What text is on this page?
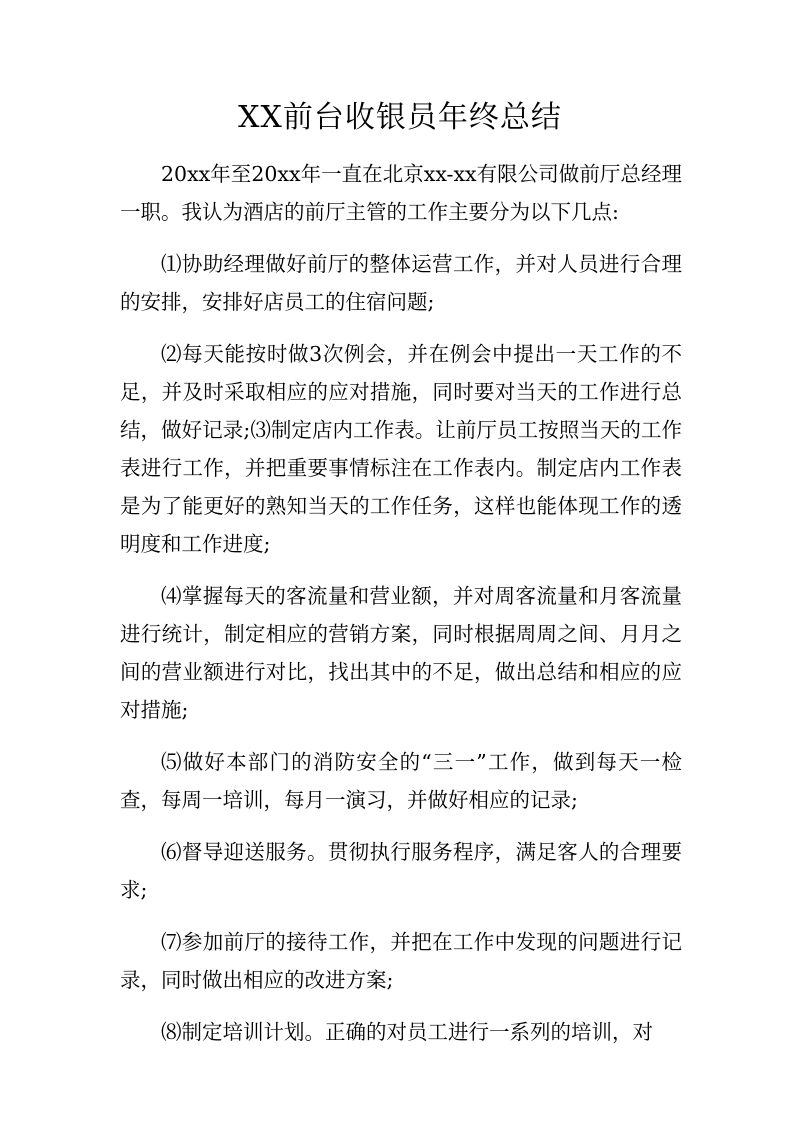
XX前台收银员年终总结

20xx年至20xx年一直在北京xx-xx有限公司做前厅总经理一职。我认为酒店的前厅主管的工作主要分为以下几点:

⑴协助经理做好前厅的整体运营工作，并对人员进行合理的安排，安排好店员工的住宿问题;

⑵每天能按时做3次例会，并在例会中提出一天工作的不足，并及时采取相应的应对措施，同时要对当天的工作进行总结，做好记录;⑶制定店内工作表。让前厅员工按照当天的工作表进行工作，并把重要事情标注在工作表内。制定店内工作表是为了能更好的熟知当天的工作任务，这样也能体现工作的透明度和工作进度;

⑷掌握每天的客流量和营业额，并对周客流量和月客流量进行统计，制定相应的营销方案，同时根据周周之间、月月之间的营业额进行对比，找出其中的不足，做出总结和相应的应对措施;

⑸做好本部门的消防安全的“三一”工作，做到每天一检查，每周一培训，每月一演习，并做好相应的记录;

⑹督导迎送服务。贯彻执行服务程序，满足客人的合理要求;

⑺参加前厅的接待工作，并把在工作中发现的问题进行记录，同时做出相应的改进方案;

⑻制定培训计划。正确的对员工进行一系列的培训，对
